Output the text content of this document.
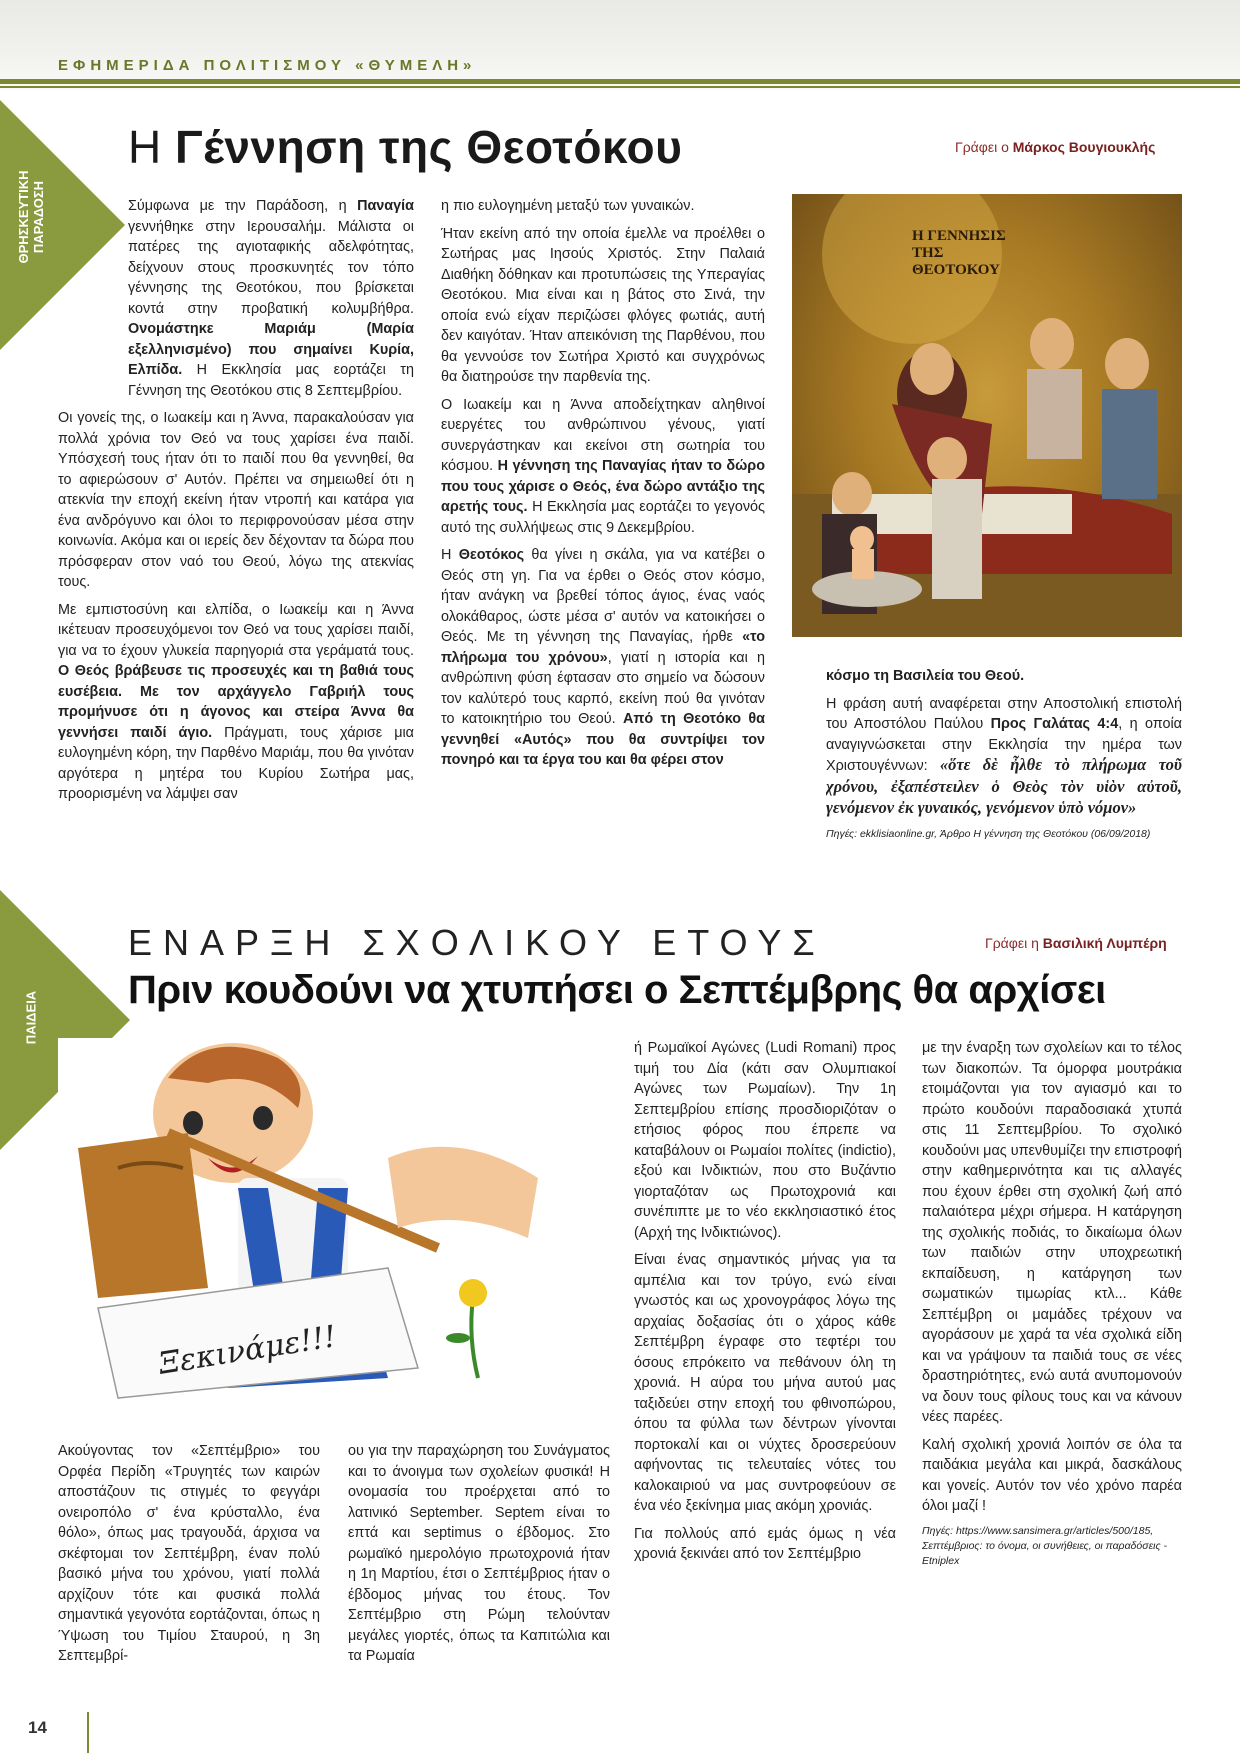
ΕΦΗΜΕΡΙΔΑ ΠΟΛΙΤΙΣΜΟΥ «ΘΥΜΕΛΗ»
ΘΡΗΣΚΕΥΤΙΚΗ
ΠΑΡΑΔΟΣΗ
ΠΑΙΔΕΙΑ
Η Γέννηση της Θεοτόκου	Γράφει ο Μάρκος Βουγιουκλής

Σύμφωνα με την Παράδοση, η Παναγία γεννήθηκε στην Ιερουσαλήμ. Μάλιστα οι πατέρες της αγιοταφικής αδελφότητας, δείχνουν στους προσκυνητές τον τόπο γέννησης της Θεοτόκου, που βρίσκεται κοντά στην προβατική κολυμβήθρα. Ονομάστηκε Μαριάμ (Μαρία εξελληνισμένο) που σημαίνει Κυρία, Ελπίδα. Η Εκκλησία μας εορτάζει τη Γέννηση της Θεοτόκου στις 8 Σεπτεμβρίου.

Οι γονείς της, ο Ιωακείμ και η Άννα, παρακαλούσαν για πολλά χρόνια τον Θεό να τους χαρίσει ένα παιδί. Υπόσχεσή τους ήταν ότι το παιδί που θα γεννηθεί, θα το αφιερώσουν σ' Αυτόν. Πρέπει να σημειωθεί ότι η ατεκνία την εποχή εκείνη ήταν ντροπή και κατάρα για ένα ανδρόγυνο και όλοι το περιφρονούσαν μέσα στην κοινωνία. Ακόμα και οι ιερείς δεν δέχονταν τα δώρα που πρόσφεραν στον ναό του Θεού, λόγω της ατεκνίας τους.

Με εμπιστοσύνη και ελπίδα, ο Ιωακείμ και η Άννα ικέτευαν προσευχόμενοι τον Θεό να τους χαρίσει παιδί, για να το έχουν γλυκεία παρηγοριά στα γεράματά τους. Ο Θεός βράβευσε τις προσευχές και τη βαθιά τους ευσέβεια. Με τον αρχάγγελο Γαβριήλ τους προμήνυσε ότι η άγονος και στείρα Άννα θα γεννήσει παιδί άγιο. Πράγματι, τους χάρισε μια ευλογημένη κόρη, την Παρθένο Μαριάμ, που θα γινόταν αργότερα η μητέρα του Κυρίου Σωτήρα μας, προορισμένη να λάμψει σαν

η πιο ευλογημένη μεταξύ των γυναικών.

Ήταν εκείνη από την οποία έμελλε να προέλθει ο Σωτήρας μας Ιησούς Χριστός. Στην Παλαιά Διαθήκη δόθηκαν και προτυπώσεις της Υπεραγίας Θεοτόκου. Μια είναι και η βάτος στο Σινά, την οποία ενώ είχαν περιζώσει φλόγες φωτιάς, αυτή δεν καιγόταν. Ήταν απεικόνιση της Παρθένου, που θα γεννούσε τον Σωτήρα Χριστό και συγχρόνως θα διατηρούσε την παρθενία της.

Ο Ιωακείμ και η Άννα αποδείχτηκαν αληθινοί ευεργέτες του ανθρώπινου γένους, γιατί συνεργάστηκαν και εκείνοι στη σωτηρία του κόσμου. Η γέννηση της Παναγίας ήταν το δώρο που τους χάρισε ο Θεός, ένα δώρο αντάξιο της αρετής τους. Η Εκκλησία μας εορτάζει το γεγονός αυτό της συλλήψεως στις 9 Δεκεμβρίου.

Η Θεοτόκος θα γίνει η σκάλα, για να κατέβει ο Θεός στη γη. Για να έρθει ο Θεός στον κόσμο, ήταν ανάγκη να βρεθεί τόπος άγιος, ένας ναός ολοκάθαρος, ώστε μέσα σ' αυτόν να κατοικήσει ο Θεός. Με τη γέννηση της Παναγίας, ήρθε «το πλήρωμα του χρόνου», γιατί η ιστορία και η ανθρώπινη φύση έφτασαν στο σημείο να δώσουν τον καλύτερό τους καρπό, εκείνη πού θα γινόταν το κατοικητήριο του Θεού. Από τη Θεοτόκο θα γεννηθεί «Αυτός» που θα συντρίψει τον πονηρό και τα έργα του και θα φέρει στον

Η ΓΕΝΝΗΣΙΣ ΤΗΣ ΘΕΟΤΟΚΟΥ

κόσμο τη Βασιλεία του Θεού.

Η φράση αυτή αναφέρεται στην Αποστολική επιστολή του Αποστόλου Παύλου Προς Γαλάτας 4:4, η οποία αναγιγνώσκεται στην Εκκλησία την ημέρα των Χριστουγέννων: «ὅτε δὲ ἦλθε τὸ πλήρωμα τοῦ χρόνου, ἐξαπέστειλεν ὁ Θεὸς τὸν υἱὸν αὐτοῦ, γενόμενον ἐκ γυναικός, γενόμενον ὑπὸ νόμον»

Πηγές: ekklisiaonline.gr, Άρθρο Η γέννηση της Θεοτόκου (06/09/2018)

ΕΝΑΡΞΗ ΣΧΟΛΙΚΟΥ ΕΤΟΥΣ	Γράφει η Βασιλική Λυμπέρη
Πριν κουδούνι να χτυπήσει ο Σεπτέμβρης θα αρχίσει
Ξεκινάμε!!!

Ακούγοντας τον «Σεπτέμβριο» του Ορφέα Περίδη «Τρυγητές των καιρών αποστάζουν τις στιγμές το φεγγάρι ονειροπόλο σ' ένα κρύσταλλο, ένα θόλο», όπως μας τραγουδά, άρχισα να σκέφτομαι τον Σεπτέμβρη, έναν πολύ βασικό μήνα του χρόνου, γιατί πολλά αρχίζουν τότε και φυσικά πολλά σημαντικά γεγονότα εορτάζονται, όπως η Ύψωση του Τιμίου Σταυρού, η 3η Σεπτεμβρί-

ου για την παραχώρηση του Συνάγματος και το άνοιγμα των σχολείων φυσικά! Η ονομασία του προέρχεται από το λατινικό September. Septem είναι το επτά και septimus ο έβδομος. Στο ρωμαϊκό ημερολόγιο πρωτοχρονιά ήταν η 1η Μαρτίου, έτσι ο Σεπτέμβριος ήταν ο έβδομος μήνας του έτους. Τον Σεπτέμβριο στη Ρώμη τελούνταν μεγάλες γιορτές, όπως τα Καπιτώλια και τα Ρωμαία

ή Ρωμαϊκοί Αγώνες (Ludi Romani) προς τιμή του Δία (κάτι σαν Ολυμπιακοί Αγώνες των Ρωμαίων). Την 1η Σεπτεμβρίου επίσης προσδιοριζόταν ο ετήσιος φόρος που έπρεπε να καταβάλουν οι Ρωμαίοι πολίτες (indictio), εξού και Ινδικτιών, που στο Βυζάντιο γιορταζόταν ως Πρωτοχρονιά και συνέπιπτε με το νέο εκκλησιαστικό έτος (Αρχή της Ινδικτιώνος).

Είναι ένας σημαντικός μήνας για τα αμπέλια και τον τρύγο, ενώ είναι γνωστός και ως χρονογράφος λόγω της αρχαίας δοξασίας ότι ο χάρος κάθε Σεπτέμβρη έγραφε στο τεφτέρι του όσους επρόκειτο να πεθάνουν όλη τη χρονιά. Η αύρα του μήνα αυτού μας ταξιδεύει στην εποχή του φθινοπώρου, όπου τα φύλλα των δέντρων γίνονται πορτοκαλί και οι νύχτες δροσερεύουν αφήνοντας τις τελευταίες νότες του καλοκαιριού να μας συντροφεύουν σε ένα νέο ξεκίνημα μιας ακόμη χρονιάς.

Για πολλούς από εμάς όμως η νέα χρονιά ξεκινάει από τον Σεπτέμβριο

με την έναρξη των σχολείων και το τέλος των διακοπών. Τα όμορφα μουτράκια ετοιμάζονται για τον αγιασμό και το πρώτο κουδούνι παραδοσιακά χτυπά στις 11 Σεπτεμβρίου. Το σχολικό κουδούνι μας υπενθυμίζει την επιστροφή στην καθημερινότητα και τις αλλαγές που έχουν έρθει στη σχολική ζωή από παλαιότερα μέχρι σήμερα. Η κατάργηση της σχολικής ποδιάς, το δικαίωμα όλων των παιδιών στην υποχρεωτική εκπαίδευση, η κατάργηση των σωματικών τιμωρίας κτλ... Κάθε Σεπτέμβρη οι μαμάδες τρέχουν να αγοράσουν με χαρά τα νέα σχολικά είδη και να γράψουν τα παιδιά τους σε νέες δραστηριότητες, ενώ αυτά ανυπομονούν να δουν τους φίλους τους και να κάνουν νέες παρέες.

Καλή σχολική χρονιά λοιπόν σε όλα τα παιδάκια μεγάλα και μικρά, δασκάλους και γονείς. Αυτόν τον νέο χρόνο παρέα όλοι μαζί !

Πηγές: https://www.sansimera.gr/articles/500/185, Σεπτέμβριος: το όνομα, οι συνήθειες, οι παραδόσεις - Etniplex

14
